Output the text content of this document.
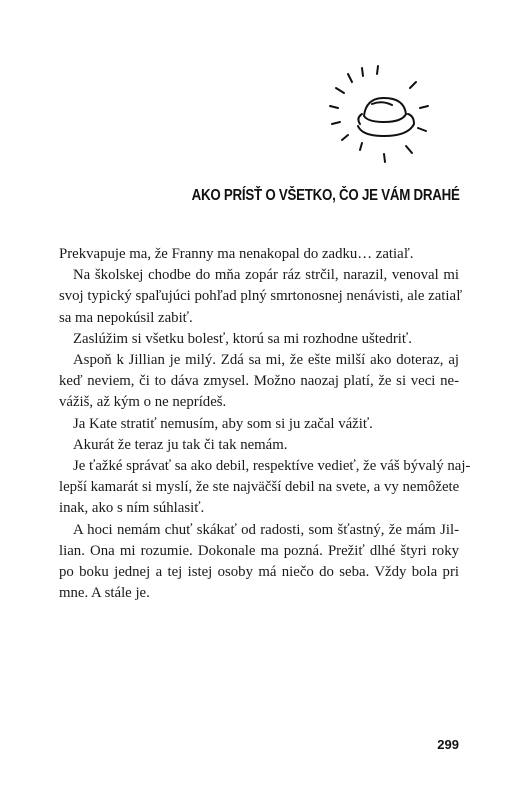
AKO PRÍSŤ O VŠETKO, ČO JE VÁM DRAHÉ

Prekvapuje ma, že Franny ma nenakopal do zadku… zatiaľ.

Na školskej chodbe do mňa zopár ráz strčil, narazil, venoval mi
svoj typický spaľujúci pohľad plný smrtonosnej nenávisti, ale zatiaľ
sa ma nepokúsil zabiť.

Zaslúžim si všetku bolesť, ktorú sa mi rozhodne uštedriť.

Aspoň k Jillian je milý. Zdá sa mi, že ešte milší ako doteraz, aj
keď neviem, či to dáva zmysel. Možno naozaj platí, že si veci ne-
vážiš, až kým o ne neprídeš.

Ja Kate stratiť nemusím, aby som si ju začal vážiť.

Akurát že teraz ju tak či tak nemám.

Je ťažké správať sa ako debil, respektíve vedieť, že váš bývalý naj-
lepší kamarát si myslí, že ste najväčší debil na svete, a vy nemôžete
inak, ako s ním súhlasiť.

A hoci nemám chuť skákať od radosti, som šťastný, že mám Jil-
lian. Ona mi rozumie. Dokonale ma pozná. Prežiť dlhé štyri roky
po boku jednej a tej istej osoby má niečo do seba. Vždy bola pri
mne. A stále je.

299
